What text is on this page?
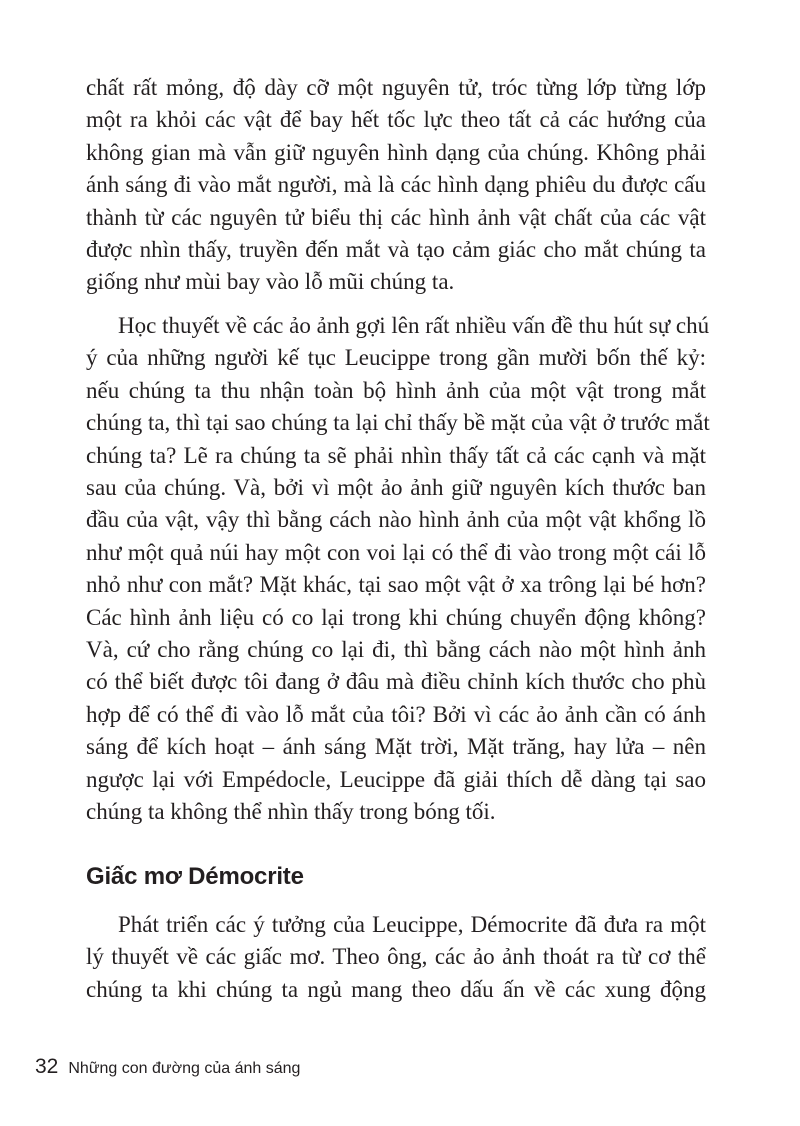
chất rất mỏng, độ dày cỡ một nguyên tử, tróc từng lớp từng lớp
một ra khỏi các vật để bay hết tốc lực theo tất cả các hướng của
không gian mà vẫn giữ nguyên hình dạng của chúng. Không phải
ánh sáng đi vào mắt người, mà là các hình dạng phiêu du được cấu
thành từ các nguyên tử biểu thị các hình ảnh vật chất của các vật
được nhìn thấy, truyền đến mắt và tạo cảm giác cho mắt chúng ta
giống như mùi bay vào lỗ mũi chúng ta.

Học thuyết về các ảo ảnh gợi lên rất nhiều vấn đề thu hút sự chú
ý của những người kế tục Leucippe trong gần mười bốn thế kỷ:
nếu chúng ta thu nhận toàn bộ hình ảnh của một vật trong mắt
chúng ta, thì tại sao chúng ta lại chỉ thấy bề mặt của vật ở trước mắt
chúng ta? Lẽ ra chúng ta sẽ phải nhìn thấy tất cả các cạnh và mặt
sau của chúng. Và, bởi vì một ảo ảnh giữ nguyên kích thước ban
đầu của vật, vậy thì bằng cách nào hình ảnh của một vật khổng lồ
như một quả núi hay một con voi lại có thể đi vào trong một cái lỗ
nhỏ như con mắt? Mặt khác, tại sao một vật ở xa trông lại bé hơn?
Các hình ảnh liệu có co lại trong khi chúng chuyển động không?
Và, cứ cho rằng chúng co lại đi, thì bằng cách nào một hình ảnh
có thể biết được tôi đang ở đâu mà điều chỉnh kích thước cho phù
hợp để có thể đi vào lỗ mắt của tôi? Bởi vì các ảo ảnh cần có ánh
sáng để kích hoạt – ánh sáng Mặt trời, Mặt trăng, hay lửa – nên
ngược lại với Empédocle, Leucippe đã giải thích dễ dàng tại sao
chúng ta không thể nhìn thấy trong bóng tối.

Giấc mơ Démocrite

Phát triển các ý tưởng của Leucippe, Démocrite đã đưa ra một
lý thuyết về các giấc mơ. Theo ông, các ảo ảnh thoát ra từ cơ thể
chúng ta khi chúng ta ngủ mang theo dấu ấn về các xung động

32 Những con đường của ánh sáng
